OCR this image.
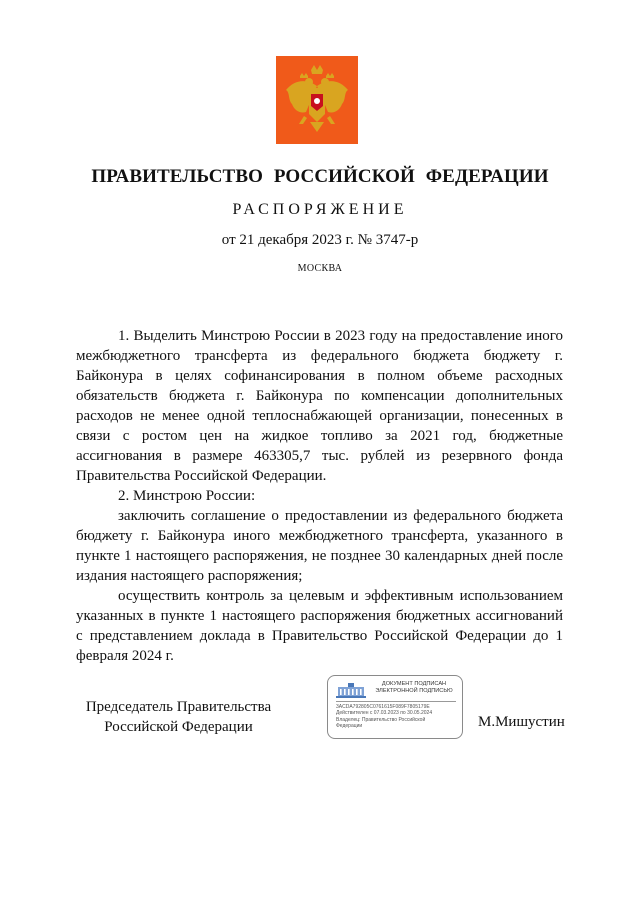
ПРАВИТЕЛЬСТВО РОССИЙСКОЙ ФЕДЕРАЦИИ
РАСПОРЯЖЕНИЕ
от 21 декабря 2023 г. № 3747-р
МОСКВА

1. Выделить Минстрою России в 2023 году на предоставление иного межбюджетного трансферта из федерального бюджета бюджету г. Байконура в целях софинансирования в полном объеме расходных обязательств бюджета г. Байконура по компенсации дополнительных расходов не менее одной теплоснабжающей организации, понесенных в связи с ростом цен на жидкое топливо за 2021 год, бюджетные ассигнования в размере 463305,7 тыс. рублей из резервного фонда Правительства Российской Федерации.

2. Минстрою России:

заключить соглашение о предоставлении из федерального бюджета бюджету г. Байконура иного межбюджетного трансферта, указанного в пункте 1 настоящего распоряжения, не позднее 30 календарных дней после издания настоящего распоряжения;

осуществить контроль за целевым и эффективным использованием указанных в пункте 1 настоящего распоряжения бюджетных ассигнований с представлением доклада в Правительство Российской Федерации до 1 февраля 2024 г.

Председатель Правительства
Российской Федерации
ДОКУМЕНТ ПОДПИСАН
ЭЛЕКТРОННОЙ ПОДПИСЬЮ
3ACDA792805C0761615F089F7805179E
Действителен с 07.03.2023 по 30.05.2024
Владелец: Правительство Российской
Федерации	М.Мишустин
